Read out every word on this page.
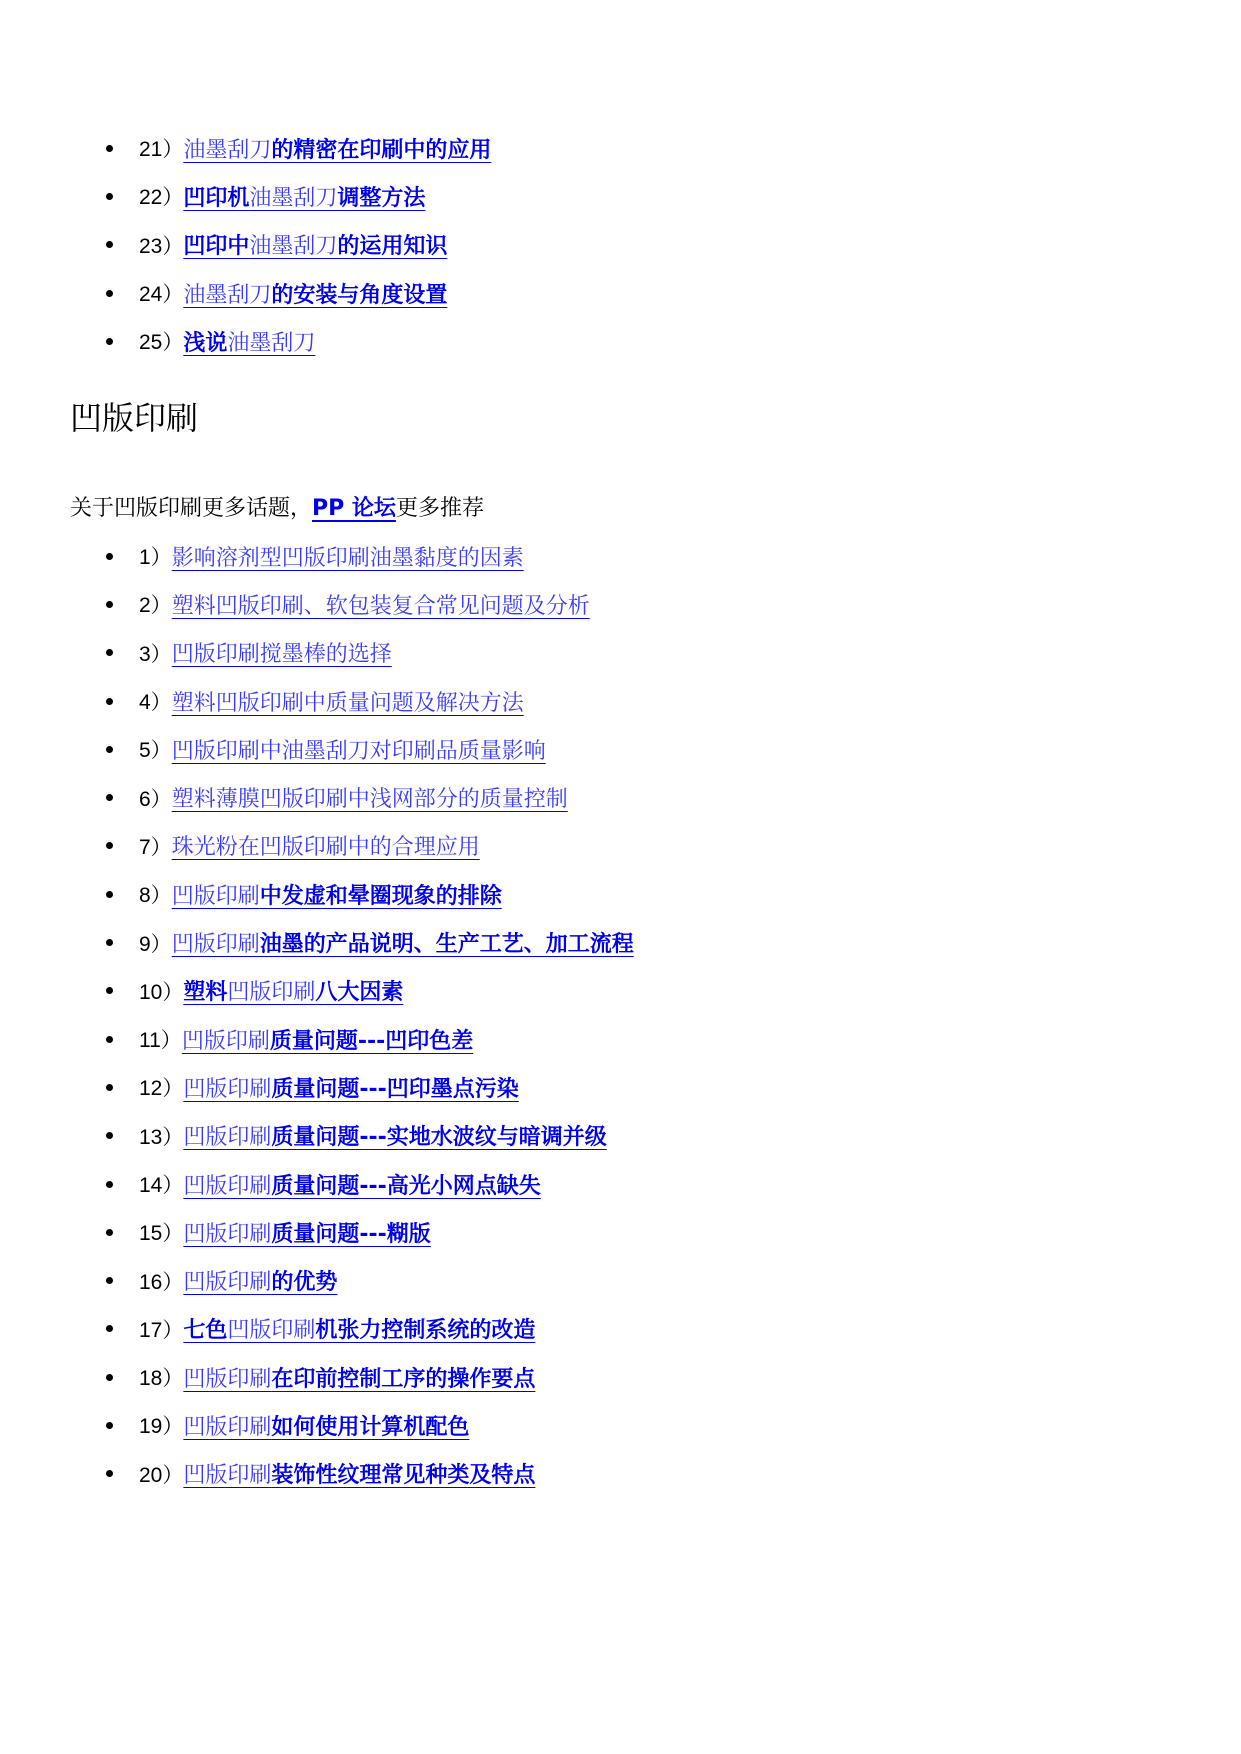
21） 油墨刮刀的精密在印刷中的应用
22） 凹印机油墨刮刀调整方法
23） 凹印中油墨刮刀的运用知识
24） 油墨刮刀的安装与角度设置
25） 浅说油墨刮刀
凹版印刷
关于凹版印刷更多话题，PP 论坛更多推荐
1） 影响溶剂型凹版印刷油墨黏度的因素
2） 塑料凹版印刷、软包装复合常见问题及分析
3） 凹版印刷搅墨棒的选择
4） 塑料凹版印刷中质量问题及解决方法
5） 凹版印刷中油墨刮刀对印刷品质量影响
6） 塑料薄膜凹版印刷中浅网部分的质量控制
7） 珠光粉在凹版印刷中的合理应用
8） 凹版印刷中发虚和晕圈现象的排除
9） 凹版印刷油墨的产品说明、生产工艺、加工流程
10） 塑料凹版印刷八大因素
11） 凹版印刷质量问题---凹印色差
12） 凹版印刷质量问题---凹印墨点污染
13） 凹版印刷质量问题---实地水波纹与暗调并级
14） 凹版印刷质量问题---高光小网点缺失
15） 凹版印刷质量问题---糊版
16） 凹版印刷的优势
17） 七色凹版印刷机张力控制系统的改造
18） 凹版印刷在印前控制工序的操作要点
19） 凹版印刷如何使用计算机配色
20） 凹版印刷装饰性纹理常见种类及特点
